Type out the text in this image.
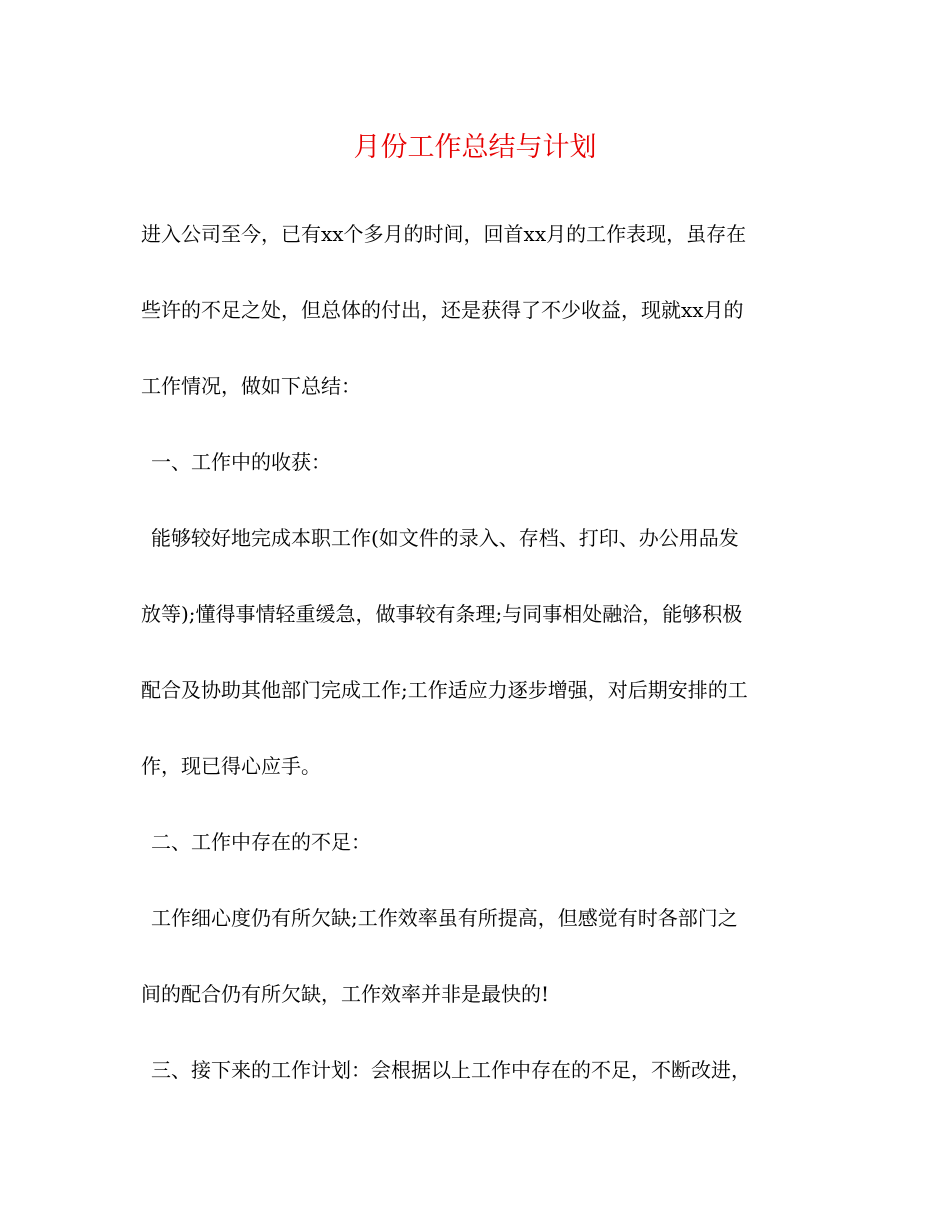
月份工作总结与计划
进入公司至今，已有xx个多月的时间，回首xx月的工作表现，虽存在
些许的不足之处，但总体的付出，还是获得了不少收益，现就xx月的
工作情况，做如下总结：
一、工作中的收获：
能够较好地完成本职工作(如文件的录入、存档、打印、办公用品发
放等);懂得事情轻重缓急，做事较有条理;与同事相处融洽，能够积极
配合及协助其他部门完成工作;工作适应力逐步增强，对后期安排的工
作，现已得心应手。
二、工作中存在的不足：
工作细心度仍有所欠缺;工作效率虽有所提高，但感觉有时各部门之
间的配合仍有所欠缺，工作效率并非是最快的!
三、接下来的工作计划：会根据以上工作中存在的不足，不断改进，
